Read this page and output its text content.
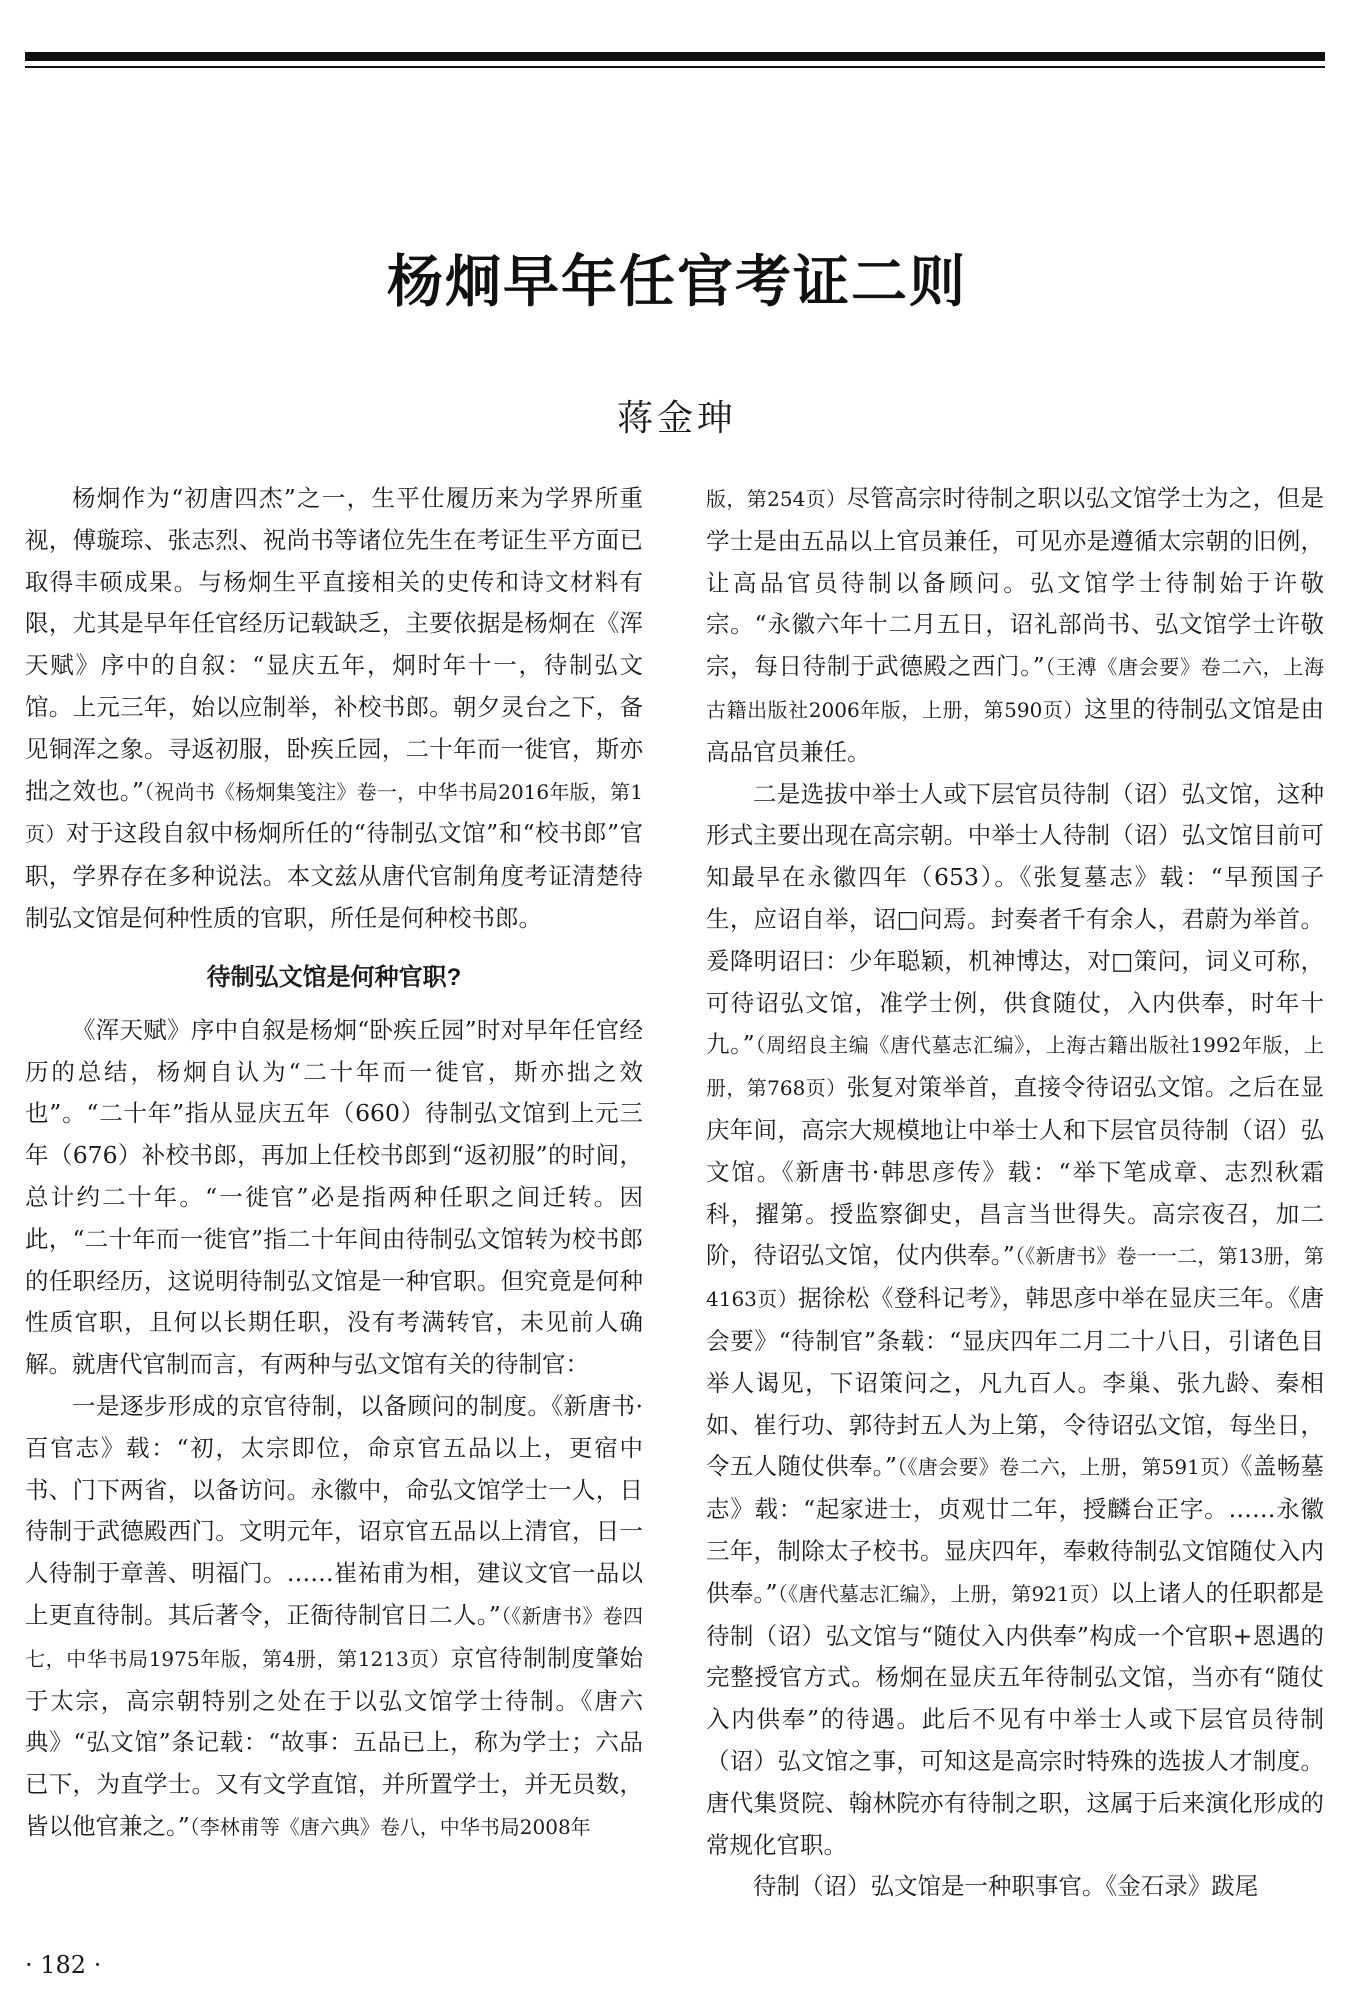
杨炯早年任官考证二则
蒋金珅

杨炯作为“初唐四杰”之一，生平仕履历来为学界所重视，傅璇琮、张志烈、祝尚书等诸位先生在考证生平方面已取得丰硕成果。与杨炯生平直接相关的史传和诗文材料有限，尤其是早年任官经历记载缺乏，主要依据是杨炯在《浑天赋》序中的自叙：“显庆五年，炯时年十一，待制弘文馆。上元三年，始以应制举，补校书郎。朝夕灵台之下，备见铜浑之象。寻返初服，卧疾丘园，二十年而一徙官，斯亦拙之效也。”（祝尚书《杨炯集笺注》卷一，中华书局2016年版，第1页）对于这段自叙中杨炯所任的“待制弘文馆”和“校书郎”官职，学界存在多种说法。本文兹从唐代官制角度考证清楚待制弘文馆是何种性质的官职，所任是何种校书郎。

待制弘文馆是何种官职?

《浑天赋》序中自叙是杨炯“卧疾丘园”时对早年任官经历的总结，杨炯自认为“二十年而一徙官，斯亦拙之效也”。“二十年”指从显庆五年（660）待制弘文馆到上元三年（676）补校书郎，再加上任校书郎到“返初服”的时间，总计约二十年。“一徙官”必是指两种任职之间迁转。因此，“二十年而一徙官”指二十年间由待制弘文馆转为校书郎的任职经历，这说明待制弘文馆是一种官职。但究竟是何种性质官职，且何以长期任职，没有考满转官，未见前人确解。就唐代官制而言，有两种与弘文馆有关的待制官：

一是逐步形成的京官待制，以备顾问的制度。《新唐书·百官志》载：“初，太宗即位，命京官五品以上，更宿中书、门下两省，以备访问。永徽中，命弘文馆学士一人，日待制于武德殿西门。文明元年，诏京官五品以上清官，日一人待制于章善、明福门。……崔祐甫为相，建议文官一品以上更直待制。其后著令，正衙待制官日二人。”（《新唐书》卷四七，中华书局1975年版，第4册，第1213页）京官待制制度肇始于太宗，高宗朝特别之处在于以弘文馆学士待制。《唐六典》“弘文馆”条记载：“故事：五品已上，称为学士；六品已下，为直学士。又有文学直馆，并所置学士，并无员数，皆以他官兼之。”（李林甫等《唐六典》卷八，中华书局2008年

版，第254页）尽管高宗时待制之职以弘文馆学士为之，但是学士是由五品以上官员兼任，可见亦是遵循太宗朝的旧例，让高品官员待制以备顾问。弘文馆学士待制始于许敬宗。“永徽六年十二月五日，诏礼部尚书、弘文馆学士许敬宗，每日待制于武德殿之西门。”（王溥《唐会要》卷二六，上海古籍出版社2006年版，上册，第590页）这里的待制弘文馆是由高品官员兼任。

二是选拔中举士人或下层官员待制（诏）弘文馆，这种形式主要出现在高宗朝。中举士人待制（诏）弘文馆目前可知最早在永徽四年（653）。《张复墓志》载：“早预国子生，应诏自举，诏□问焉。封奏者千有余人，君蔚为举首。爰降明诏曰：少年聪颖，机神博达，对□策问，词义可称，可待诏弘文馆，准学士例，供食随仗，入内供奉，时年十九。”（周绍良主编《唐代墓志汇编》，上海古籍出版社1992年版，上册，第768页）张复对策举首，直接令待诏弘文馆。之后在显庆年间，高宗大规模地让中举士人和下层官员待制（诏）弘文馆。《新唐书·韩思彦传》载：“举下笔成章、志烈秋霜科，擢第。授监察御史，昌言当世得失。高宗夜召，加二阶，待诏弘文馆，仗内供奉。”（《新唐书》卷一一二，第13册，第4163页）据徐松《登科记考》，韩思彦中举在显庆三年。《唐会要》“待制官”条载：“显庆四年二月二十八日，引诸色目举人谒见，下诏策问之，凡九百人。李巢、张九龄、秦相如、崔行功、郭待封五人为上第，令待诏弘文馆，每坐日，令五人随仗供奉。”（《唐会要》卷二六，上册，第591页）《盖畅墓志》载：“起家进士，贞观廿二年，授麟台正字。……永徽三年，制除太子校书。显庆四年，奉敕待制弘文馆随仗入内供奉。”（《唐代墓志汇编》，上册，第921页）以上诸人的任职都是待制（诏）弘文馆与“随仗入内供奉”构成一个官职+恩遇的完整授官方式。杨炯在显庆五年待制弘文馆，当亦有“随仗入内供奉”的待遇。此后不见有中举士人或下层官员待制（诏）弘文馆之事，可知这是高宗时特殊的选拔人才制度。唐代集贤院、翰林院亦有待制之职，这属于后来演化形成的常规化官职。

待制（诏）弘文馆是一种职事官。《金石录》跋尾

· 182 ·
